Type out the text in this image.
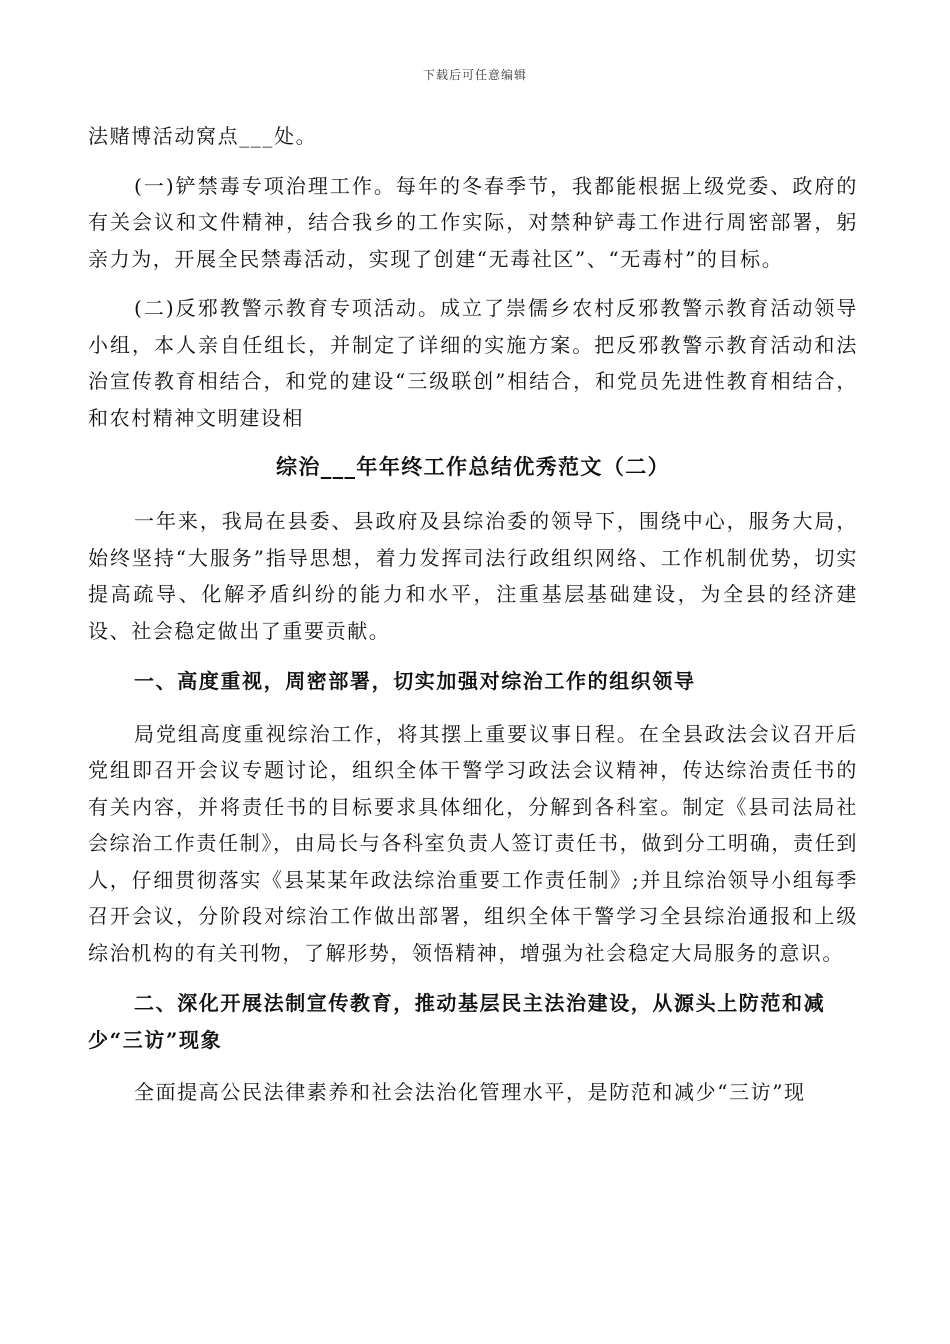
下载后可任意编辑

法赌博活动窝点___处。

(一)铲禁毒专项治理工作。每年的冬春季节，我都能根据上级党委、政府的有关会议和文件精神，结合我乡的工作实际，对禁种铲毒工作进行周密部署，躬亲力为，开展全民禁毒活动，实现了创建“无毒社区”、“无毒村”的目标。

(二)反邪教警示教育专项活动。成立了崇儒乡农村反邪教警示教育活动领导小组，本人亲自任组长，并制定了详细的实施方案。把反邪教警示教育活动和法治宣传教育相结合，和党的建设“三级联创”相结合，和党员先进性教育相结合，和农村精神文明建设相

综治___年年终工作总结优秀范文（二）

一年来，我局在县委、县政府及县综治委的领导下，围绕中心，服务大局，始终坚持“大服务”指导思想，着力发挥司法行政组织网络、工作机制优势，切实提高疏导、化解矛盾纠纷的能力和水平，注重基层基础建设，为全县的经济建设、社会稳定做出了重要贡献。

一、高度重视，周密部署，切实加强对综治工作的组织领导

局党组高度重视综治工作，将其摆上重要议事日程。在全县政法会议召开后党组即召开会议专题讨论，组织全体干警学习政法会议精神，传达综治责任书的有关内容，并将责任书的目标要求具体细化，分解到各科室。制定《县司法局社会综治工作责任制》，由局长与各科室负责人签订责任书，做到分工明确，责任到人，仔细贯彻落实《县某某年政法综治重要工作责任制》;并且综治领导小组每季召开会议，分阶段对综治工作做出部署，组织全体干警学习全县综治通报和上级综治机构的有关刊物，了解形势，领悟精神，增强为社会稳定大局服务的意识。

二、深化开展法制宣传教育，推动基层民主法治建设，从源头上防范和减少“三访”现象

全面提高公民法律素养和社会法治化管理水平，是防范和减少“三访”现
